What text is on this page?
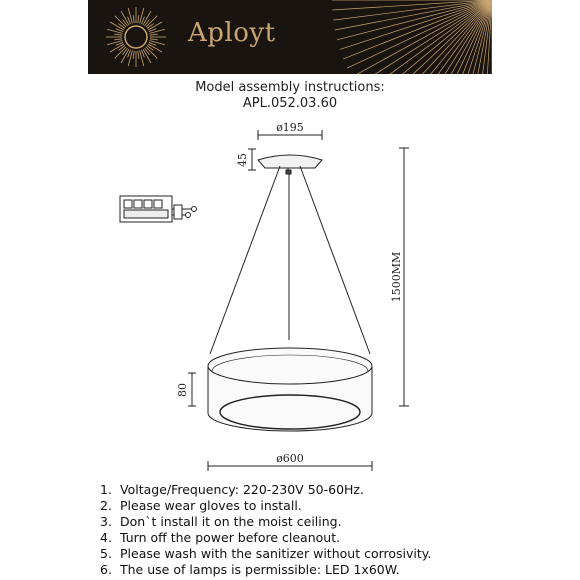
Aployt
Model assembly instructions:
APL.052.03.60
ø195
45
1500MM
80
ø600
1. Voltage/Frequency: 220-230V 50-60Hz.
2. Please wear gloves to install.
3. Don`t install it on the moist ceiling.
4. Turn off the power before cleanout.
5. Please wash with the sanitizer without corrosivity.
6. The use of lamps is permissible: LED 1x60W.
